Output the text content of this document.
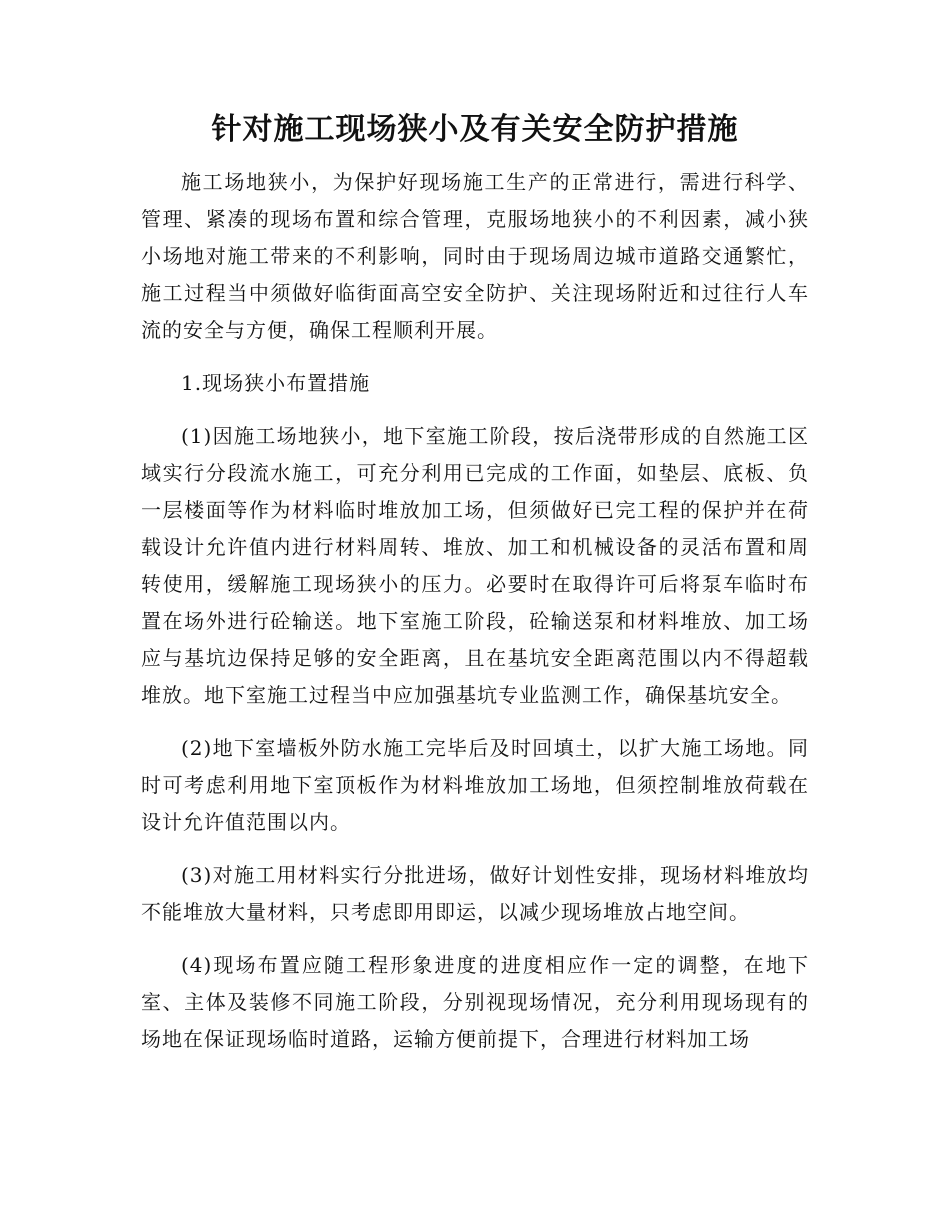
针对施工现场狭小及有关安全防护措施

施工场地狭小，为保护好现场施工生产的正常进行，需进行科学、管理、紧凑的现场布置和综合管理，克服场地狭小的不利因素，减小狭小场地对施工带来的不利影响，同时由于现场周边城市道路交通繁忙，施工过程当中须做好临街面高空安全防护、关注现场附近和过往行人车流的安全与方便，确保工程顺利开展。

1.现场狭小布置措施

(1)因施工场地狭小，地下室施工阶段，按后浇带形成的自然施工区域实行分段流水施工，可充分利用已完成的工作面，如垫层、底板、负一层楼面等作为材料临时堆放加工场，但须做好已完工程的保护并在荷载设计允许值内进行材料周转、堆放、加工和机械设备的灵活布置和周转使用，缓解施工现场狭小的压力。必要时在取得许可后将泵车临时布置在场外进行砼输送。地下室施工阶段，砼输送泵和材料堆放、加工场应与基坑边保持足够的安全距离，且在基坑安全距离范围以内不得超载堆放。地下室施工过程当中应加强基坑专业监测工作，确保基坑安全。

(2)地下室墙板外防水施工完毕后及时回填土，以扩大施工场地。同时可考虑利用地下室顶板作为材料堆放加工场地，但须控制堆放荷载在设计允许值范围以内。

(3)对施工用材料实行分批进场，做好计划性安排，现场材料堆放均不能堆放大量材料，只考虑即用即运，以减少现场堆放占地空间。

(4)现场布置应随工程形象进度的进度相应作一定的调整，在地下室、主体及装修不同施工阶段，分别视现场情况，充分利用现场现有的场地在保证现场临时道路，运输方便前提下，合理进行材料加工场
